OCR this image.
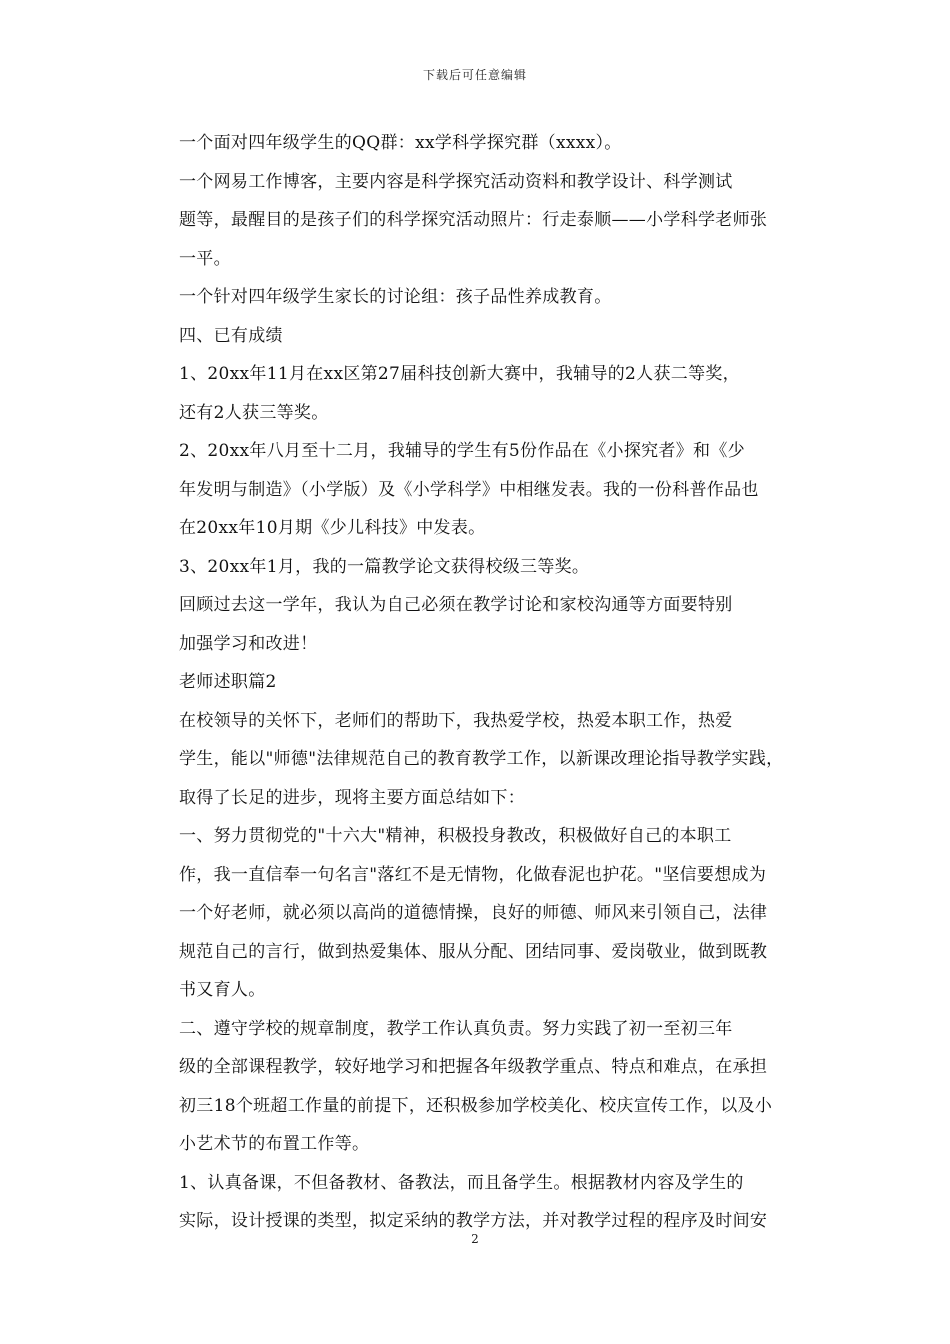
下载后可任意编辑

一个面对四年级学生的QQ群：xx学科学探究群（xxxx）。

一个网易工作博客，主要内容是科学探究活动资料和教学设计、科学测试
题等，最醒目的是孩子们的科学探究活动照片：行走泰顺——小学科学老师张
一平。

一个针对四年级学生家长的讨论组：孩子品性养成教育。

四、已有成绩

1、20xx年11月在xx区第27届科技创新大赛中，我辅导的2人获二等奖，
还有2人获三等奖。

2、20xx年八月至十二月，我辅导的学生有5份作品在《小探究者》和《少
年发明与制造》（小学版）及《小学科学》中相继发表。我的一份科普作品也
在20xx年10月期《少儿科技》中发表。

3、20xx年1月，我的一篇教学论文获得校级三等奖。

回顾过去这一学年，我认为自己必须在教学讨论和家校沟通等方面要特别
加强学习和改进！

老师述职篇2

在校领导的关怀下，老师们的帮助下，我热爱学校，热爱本职工作，热爱
学生，能以"师德"法律规范自己的教育教学工作，以新课改理论指导教学实践，
取得了长足的进步，现将主要方面总结如下：

一、努力贯彻党的"十六大"精神，积极投身教改，积极做好自己的本职工
作，我一直信奉一句名言"落红不是无情物，化做春泥也护花。"坚信要想成为
一个好老师，就必须以高尚的道德情操，良好的师德、师风来引领自己，法律
规范自己的言行，做到热爱集体、服从分配、团结同事、爱岗敬业，做到既教
书又育人。

二、遵守学校的规章制度，教学工作认真负责。努力实践了初一至初三年
级的全部课程教学，较好地学习和把握各年级教学重点、特点和难点，在承担
初三18个班超工作量的前提下，还积极参加学校美化、校庆宣传工作，以及小
小艺术节的布置工作等。

1、认真备课，不但备教材、备教法，而且备学生。根据教材内容及学生的
实际，设计授课的类型，拟定采纳的教学方法，并对教学过程的程序及时间安

2
